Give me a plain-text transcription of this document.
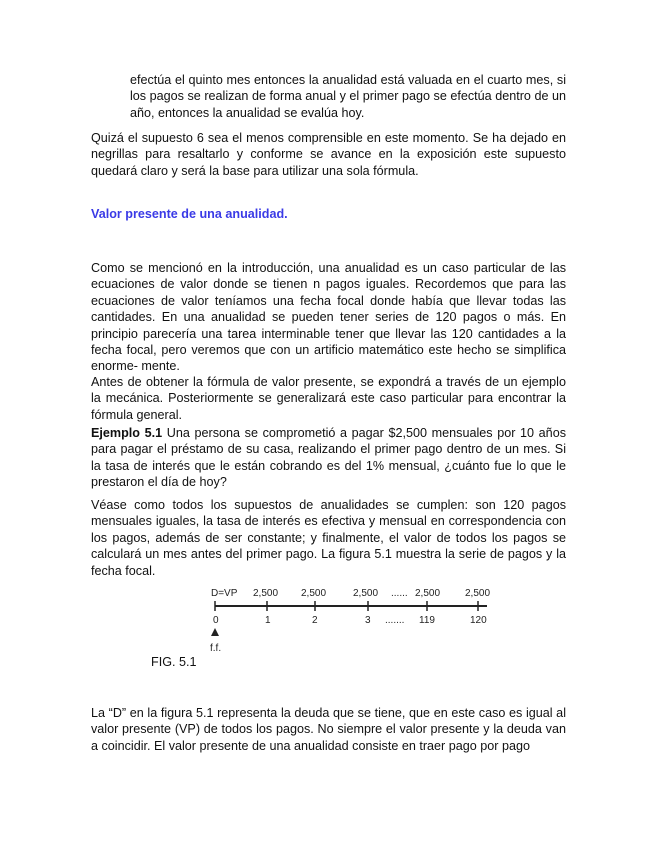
efectúa el quinto mes entonces la anualidad está valuada en el cuarto mes, si los pagos se realizan de forma anual y el primer pago se efectúa dentro de un año, entonces la anualidad se evalúa hoy.

Quizá el supuesto 6 sea el menos comprensible en este momento. Se ha dejado en negrillas para resaltarlo y conforme se avance en la exposición este supuesto quedará claro y será la base para utilizar una sola fórmula.

Valor presente de una anualidad.

Como se mencionó en la introducción, una anualidad es un caso particular de las ecuaciones de valor donde se tienen n pagos iguales. Recordemos que para las ecuaciones de valor teníamos una fecha focal donde había que llevar todas las cantidades. En una anualidad se pueden tener series de 120 pagos o más. En principio parecería una tarea interminable tener que llevar las 120 cantidades a la fecha focal, pero veremos que con un artificio matemático este hecho se simplifica enorme- mente.

Antes de obtener la fórmula de valor presente, se expondrá a través de un ejemplo la mecánica. Posteriormente se generalizará este caso particular para encontrar la fórmula general.

Ejemplo 5.1 Una persona se comprometió a pagar $2,500 mensuales por 10 años para pagar el préstamo de su casa, realizando el primer pago dentro de un mes. Si la tasa de interés que le están cobrando es del 1% mensual, ¿cuánto fue lo que le prestaron el día de hoy?

Véase como todos los supuestos de anualidades se cumplen: son 120 pagos mensuales iguales, la tasa de interés es efectiva y mensual en correspondencia con los pagos, además de ser constante; y finalmente, el valor de todos los pagos se calculará un mes antes del primer pago. La figura 5.1 muestra la serie de pagos y la fecha focal.

D=VP 2,500 2,500	2,500 ...... 2,500 2,500
0	1	2	3 ....... 119	120
f.f.
FIG. 5.1

La “D” en la figura 5.1 representa la deuda que se tiene, que en este caso es igual al valor presente (VP) de todos los pagos. No siempre el valor presente y la deuda van a coincidir. El valor presente de una anualidad consiste en traer pago por pago
